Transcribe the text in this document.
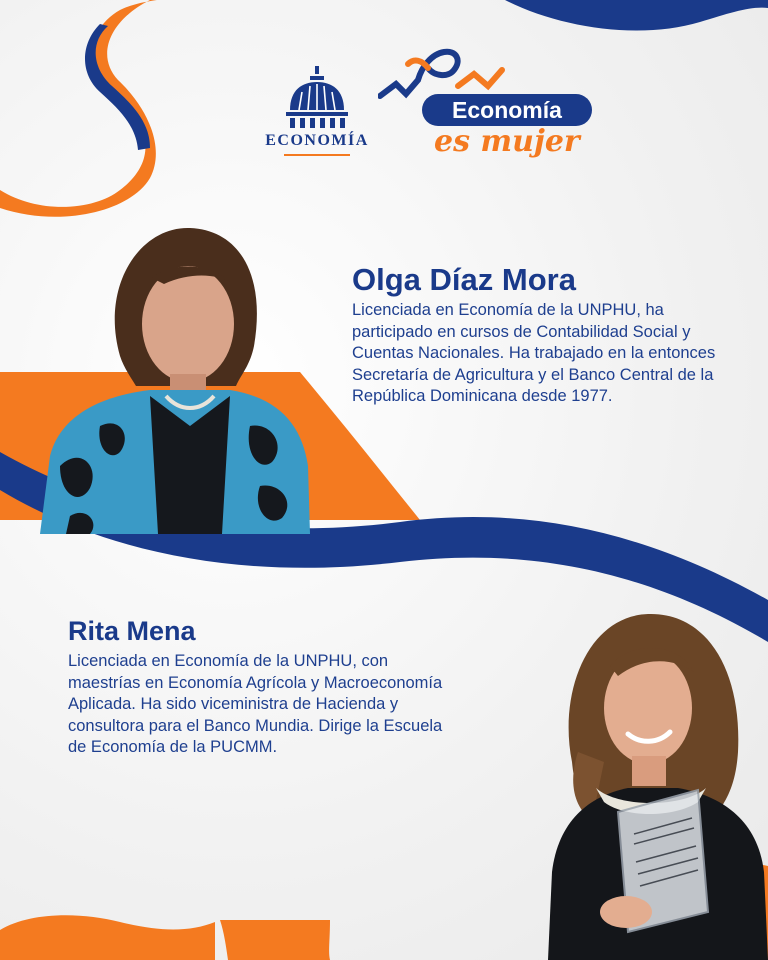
ECONOMÍA
Economía
es mujer
Olga Díaz Mora
Licenciada en Economía de la UNPHU, ha participado en cursos de Contabilidad Social y Cuentas Nacionales. Ha trabajado en la entonces Secretaría de Agricultura y el Banco Central de la República Dominicana desde 1977.
Rita Mena
Licenciada en Economía de la UNPHU, con maestrías en Economía Agrícola y Macroeconomía Aplicada. Ha sido viceministra de Hacienda y consultora para el Banco Mundia. Dirige la Escuela de Economía de la PUCMM.
